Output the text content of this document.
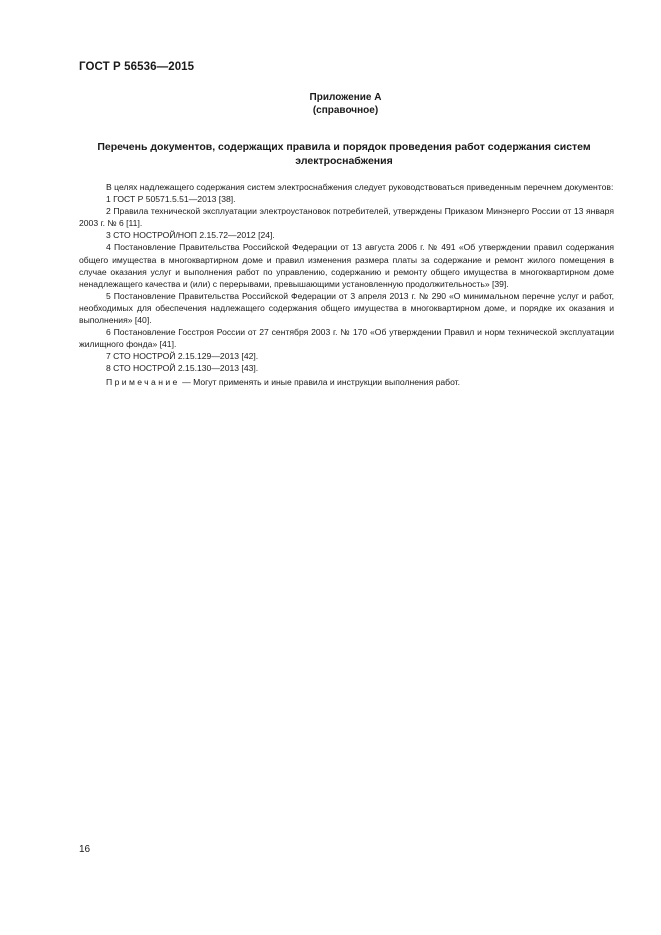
ГОСТ Р 56536—2015
Приложение А
(справочное)
Перечень документов, содержащих правила и порядок проведения работ содержания систем электроснабжения

В целях надлежащего содержания систем электроснабжения следует руководствоваться приведенным перечнем документов:

1 ГОСТ Р 50571.5.51—2013 [38].

2 Правила технической эксплуатации электроустановок потребителей, утверждены Приказом Минэнерго России от 13 января 2003 г. № 6 [11].

3 СТО НОСТРОЙ/НОП 2.15.72—2012 [24].

4 Постановление Правительства Российской Федерации от 13 августа 2006 г. № 491 «Об утверждении правил содержания общего имущества в многоквартирном доме и правил изменения размера платы за содержание и ремонт жилого помещения в случае оказания услуг и выполнения работ по управлению, содержанию и ремонту общего имущества в многоквартирном доме ненадлежащего качества и (или) с перерывами, превышающими установленную продолжительность» [39].

5 Постановление Правительства Российской Федерации от 3 апреля 2013 г. № 290 «О минимальном перечне услуг и работ, необходимых для обеспечения надлежащего содержания общего имущества в многоквартирном доме, и порядке их оказания и выполнения» [40].

6 Постановление Госстроя России от 27 сентября 2003 г. № 170 «Об утверждении Правил и норм технической эксплуатации жилищного фонда» [41].

7 СТО НОСТРОЙ 2.15.129—2013 [42].

8 СТО НОСТРОЙ 2.15.130—2013 [43].

Примечание — Могут применять и иные правила и инструкции выполнения работ.

16
